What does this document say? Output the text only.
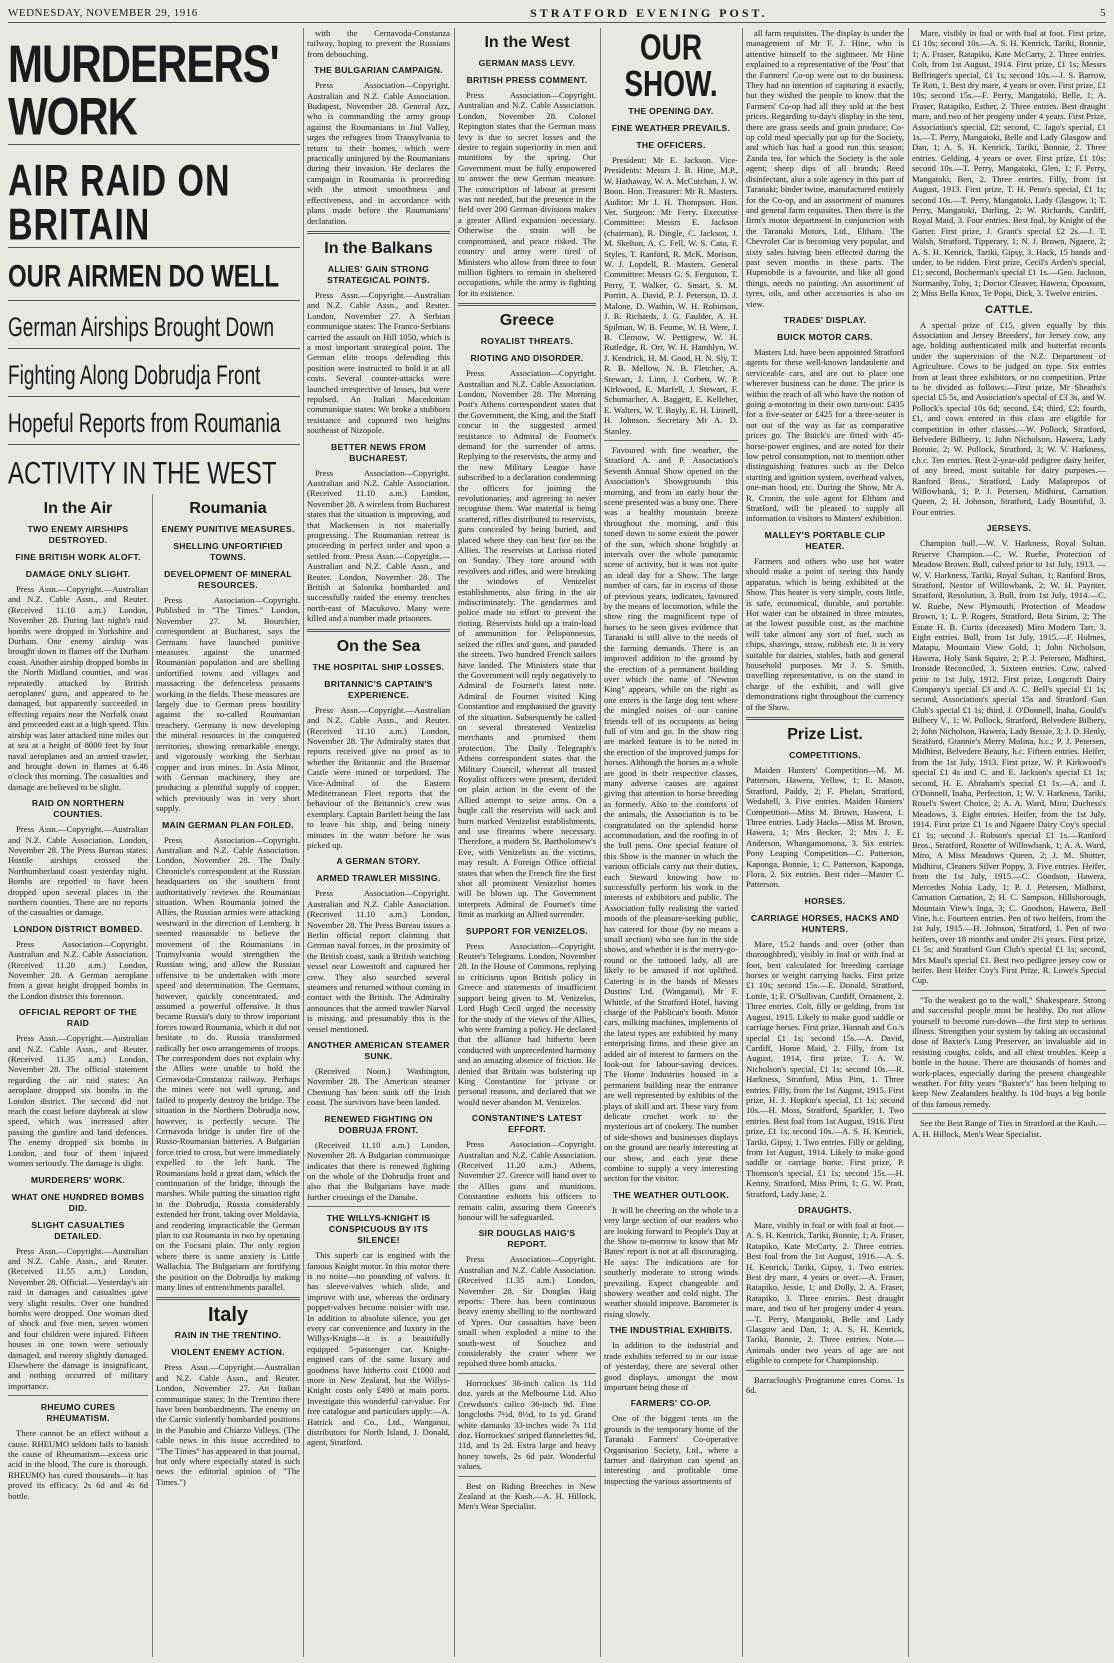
WEDNESDAY, NOVEMBER 29, 1916	STRATFORD EVENING POST.	5
MURDERERS' WORK
AIR RAID ON BRITAIN
OUR AIRMEN DO WELL
German Airships Brought Down
Fighting Along Dobrudja Front
Hopeful Reports from Roumania
ACTIVITY IN THE WEST
In the Air
TWO ENEMY AIRSHIPS DESTROYED.
FINE BRITISH WORK ALOFT.
DAMAGE ONLY SLIGHT.

Press Assn.—Copyright.—Australian and N.Z. Cable Assn., and Reuter. (Received 11.10 a.m.) London, November 28. During last night's raid bombs were dropped in Yorkshire and Durham. One enemy airship was brought down in flames off the Durham coast. Another airship dropped bombs in the North Midland counties, and was repeatedly attacked by British aeroplanes' guns, and appeared to be damaged, but apparently succeeded in effecting repairs near the Norfolk coast and proceeded east at a high speed. This airship was later attacked nine miles out at sea at a height of 8000 feet by four naval aeroplanes and an armed trawler, and brought down in flames at 6.46 o'clock this morning. The casualties and damage are believed to be slight.

RAID ON NORTHERN COUNTIES.

Press Assn.—Copyright.—Australian and N.Z. Cable Association. London, November 28. The Press Bureau states: Hostile airships crossed the Northumberland coast yesterday night. Bombs are reported to have been dropped upon several places in the northern counties. There are no reports of the casualties or damage.

LONDON DISTRICT BOMBED.

Press Association—Copyright. Australian and N.Z. Cable Association. (Received 11.20 a.m.) London, November 28. A German aeroplane from a great height dropped bombs in the London district this forenoon.

OFFICIAL REPORT OF THE RAID

Press Assn.—Copyright.—Australian and N.Z. Cable Assn., and Reuter. (Received 11.35 a.m.) London, November 28. The official statement regarding the air raid states: An aeroplane dropped six bombs in the London district. The second did not reach the coast before daybreak at slow speed, which was increased after passing the gunfire and land defences. The enemy dropped six bombs in London, and four of them injured women seriously. The damage is slight.

MURDERERS' WORK.
WHAT ONE HUNDRED BOMBS DID.
SLIGHT CASUALTIES DETAILED.

Press Assn.—Copyright.—Australian and N.Z. Cable Assn., and Reuter. (Received 11.55 a.m.) London, November 28. Official.—Yesterday's air raid in damages and casualties gave very slight results. Over one hundred bombs were dropped. One woman died of shock and five men, seven women and four children were injured. Fifteen houses in one town were seriously damaged, and twenty slightly damaged. Elsewhere the damage is insignificant, and nothing occurred of military importance.

RHEUMO CURES RHEUMATISM.

There cannot be an effect without a cause. RHEUMO seldom fails to banish the cause of Rheumatism—excess uric acid in the blood. The cure is thorough. RHEUMO has cured thousands—it has proved its efficacy. 2s 6d and 4s 6d bottle.

Roumania
ENEMY PUNITIVE MEASURES.
SHELLING UNFORTIFIED TOWNS.
DEVELOPMENT OF MINERAL RESOURCES.

Press Association—Copyright. Published in "The Times." London, November 27. M. Bourchier, correspondent at Bucharest, says the Germans have launched punitive measures against the unarmed Roumanian population and are shelling unfortified towns and villages and massacring the defenceless peasants working in the fields. These measures are largely due to German press hostility against the so-called Roumanian treachery. Germany is now developing the mineral resources in the conquered territories, showing remarkable energy, and vigorously working the Serbian copper and iron mines. In Asia Minor, with German machinery, they are producing a plentiful supply of copper, which previously was in very short supply.

MAIN GERMAN PLAN FOILED.

Press Association—Copyright. Australian and N.Z. Cable Association. London, November 28. The Daily Chronicle's correspondent at the Russian headquarters on the southern front authoritatively reviews the Roumanian situation. When Roumania joined the Allies, the Russian armies were attacking westward in the direction of Lemberg. It seemed reasonable to believe the movement of the Roumanians in Transylvania would strengthen the Russian wing, and allow the Russian offensive to be undertaken with more speed and determination. The Germans, however, quickly concentrated, and assumed a powerful offensive. It thus became Russia's duty to throw important forces toward Roumania, which it did not hesitate to do. Russia transformed radically her own arrangements of troops. The correspondent does not explain why the Allies were unable to hold the Cernavoda-Constanza railway. Perhaps the mines were not well sprung, and failed to properly destroy the bridge. The situation in the Northern Dobrudja now, however, is perfectly secure. The Cernavoda bridge is under fire of the Russo-Roumanian batteries. A Bulgarian force tried to cross, but were immediately expelled to the left bank. The Roumanians hold a great dam, which the continuation of the bridge, through the marshes. While putting the situation right in the Dobrudja, Russia considerably extended her front, taking over Moldavia, and rendering impracticable the German plan to cut Roumania in two by operating on the Focsani plain. The only region where there is some anxiety is Little Wallachia. The Bulgarians are fortifying the position on the Dobrudja by making many lines of entrenchments parallel.

Italy
RAIN IN THE TRENTINO.
VIOLENT ENEMY ACTION.

Press Assn.—Copyright.—Australian and N.Z. Cable Assn., and Reuter. London, November 27. An Italian communique states: In the Trentino there have been bombardments. The enemy on the Carnic violently bombarded positions in the Pasubio and Chiarzo Valleys. (The cable news in this issue accredited to "The Times" has appeared in that journal, but only where especially stated is such news the editorial opinion of "The Times.")

with the Cernavoda-Constanza railway, hoping to prevent the Russians from debouching.

THE BULGARIAN CAMPAIGN.

Press Association—Copyright. Australian and N.Z. Cable Association. Budapest, November 28. General Arz, who is commanding the army group against the Roumanians in Jiul Valley, urges the refugees from Transylvania to return to their homes, which were practically uninjured by the Roumanians during their invasion. He declares the campaign in Roumania is proceeding with the utmost smoothness and effectiveness, and in accordance with plans made before the Roumanians' declaration.

In the Balkans
ALLIES' GAIN STRONG STRATEGICAL POINTS.

Press Assn.—Copyright.—Australian and N.Z. Cable Assn., and Reuter. London, November 27. A Serbian communique states: The Franco-Serbians carried the assault on Hill 1050, which is a most important strategical point. The German elite troops defending this position were instructed to hold it at all costs. Several counter-attacks were launched irrespective of losses, but were repulsed. An Italian Macedonian communique states: We broke a stubborn resistance and captured two heights southeast of Nizopole.

BETTER NEWS FROM BUCHAREST.

Press Association—Copyright. Australian and N.Z. Cable Association. (Received 11.10 a.m.) London, November 28. A wireless from Bucharest states that the situation is improving, and that Mackensen is not materially progressing. The Roumanian retreat is proceeding in perfect order and upon a settled front. Press Assn.—Copyright.—Australian and N.Z. Cable Assn., and Reuter. London, November 28. The British at Salonika bombarded and successfully raided the enemy trenches north-east of Macukovo. Many were killed and a number made prisoners.

On the Sea
THE HOSPITAL SHIP LOSSES.
BRITANNIC'S CAPTAIN'S EXPERIENCE.

Press Assn.—Copyright.—Australian and N.Z. Cable Assn., and Reuter. (Received 11.10 a.m.) London, November 28. The Admiralty states that reports received give no proof as to whether the Britannic and the Braemar Castle were mined or torpedoed. The Vice-Admiral of the Eastern Mediterranean Fleet reports that the behaviour of the Britannic's crew was exemplary. Captain Bartlett being the last to leave his ship, and being ninety minutes in the water before he was picked up.

A GERMAN STORY.
ARMED TRAWLER MISSING.

Press Association—Copyright. Australian and N.Z. Cable Association. (Received 11.10 a.m.) London, November 28. The Press Bureau issues a Berlin official report claiming that German naval forces, in the proximity of the British coast, sank a British watching vessel near Lowestoft and captured her crew. They also searched several steamers and returned without coming in contact with the British. The Admiralty announces that the armed trawler Narval is missing, and presumably this is the vessel mentioned.

ANOTHER AMERICAN STEAMER SUNK.

(Received Noon.) Washington, November 28. The American steamer Chemung has been sunk off the Irish coast. The survivors have been landed.

RENEWED FIGHTING ON DOBRUJA FRONT.

(Received 11.10 a.m.) London, November 28. A Bulgarian communique indicates that there is renewed fighting on the whole of the Dobrudja front and also that the Bulgarians have made further crossings of the Danube.

THE WILLYS-KNIGHT IS CONSPICUOUS BY ITS SILENCE!

This superb car is engined with the famous Knight motor. In this motor there is no noise—no pounding of valves. It has sleeve-valves which slide, and improve with use, whereas the ordinary poppet-valves become noisier with use. In addition to absolute silence, you get every car convenience and luxury in the Willys-Knight—it is a beautifully equipped 5-passenger car. Knight-engined cars of the same luxury and goodness have hitherto cost £1000 and more in New Zealand, but the Willys-Knight costs only £490 at main ports. Investigate this wonderful car-value. For free catalogue and particulars apply:—A. Hatrick and Co., Ltd., Wanganui, distributors for North Island, J. Donald, agent, Stratford.

In the West
GERMAN MASS LEVY.
BRITISH PRESS COMMENT.

Press Association—Copyright. Australian and N.Z. Cable Association. London, November 28. Colonel Repington states that the German mass levy is due to secret losses and the desire to regain superiority in men and munitions by the spring. Our Government must be fully empowered to answer the new German measure. The conscription of labour at present was not needed, but the presence in the field over 200 German divisions makes a greater Allied expansion necessary. Otherwise the strain will be compromised, and peace risked. The country and army were tired of Ministers who allow from three to four million fighters to remain in sheltered occupations, while the army is fighting for its existence.

Greece
ROYALIST THREATS.
RIOTING AND DISORDER.

Press Association—Copyright. Australian and N.Z. Cable Association. London, November 28. The Morning Post's Athens correspondent states that the Government, the King, and the Staff concur in the suggested armed resistance to Admiral de Fournet's demand for the surrender of arms. Replying to the reservists, the army and the new Military League have subscribed to a declaration condemning the officers for joining the revolutionaries, and agreeing to never recognise them. War material is being scattered, rifles distributed to reservists, guns concealed by being buried, and placed where they can best fire on the Allies. The reservists at Larissa rioted on Sunday. They tore around with revolvers and rifles, and were breaking the windows of Venizelist establishments, also firing in the air indiscriminately. The gendarmes and police made no effort to prevent the rioting. Reservists hold up a train-load of ammunition for Peloponnesus, seized the rifles and guns, and paraded the streets. Two hundred French sailors have landed. The Ministers state that the Government will reply negatively to Admiral de Fournet's latest note. Admiral de Fournet visited King Constantine and emphasised the gravity of the situation. Subsequently he called on several threatened Venizelist merchants and promised them protection. The Daily Telegraph's Athens correspondent states that the Military Council, whereat all trusted Royalist officers were present, decided on plain action in the event of the Allied attempt to seize arms. On a bugle call the reservists will sack and burn marked Venizelist establishments, and use firearms where necessary. Therefore, a modern St. Bartholomew's Eve, with Venizelists as the victims, may result. A Foreign Office official states that when the French fire the first shot all prominent Venizelist homes will be blown up. The Government interprets Admiral de Fournet's time limit as marking an Allied surrender.

SUPPORT FOR VENIZELOS.

Press Association—Copyright. Reuter's Telegrams. London, November 28. In the House of Commons, replying to criticisms upon British policy in Greece and statements of insufficient support being given to M. Venizelos, Lord Hugh Cecil urged the necessity for the study of the views of the Allies, who were framing a policy. He declared that the alliance had hitherto been conducted with unprecedented harmony and an amazing absence of friction. He denied that Britain was bolstering up King Constantine for private or personal reasons, and declared that we would never abandon M. Venizelos.

CONSTANTINE'S LATEST EFFORT.

Press Association—Copyright. Australian and N.Z. Cable Association. (Received 11.20 a.m.) Athens, November 27. Greece will hand over to the Allies guns and munitions. Constantine exhorts his officers to remain calm, assuring them Greece's honour will be safeguarded.

SIR DOUGLAS HAIG'S REPORT.

Press Association—Copyright. Australian and N.Z. Cable Association. (Received 11.35 a.m.) London, November 28. Sir Douglas Haig reports: There has been continuous heavy enemy shelling to the northward of Ypres. Our casualties have been small when exploded a mine to the south-west of Souchez and considerably the crater where we repulsed three bomb attacks.

Horrockses' 36-inch calico 1s 11d doz. yards at the Melbourne Ltd. Also Crewdson's calico 36-inch 9d. Fine longcloths 7½d, 8½d, to 1s yd. Grand white damasks 33-inches wide 7s 11d doz. Horrockses' striped flannelettes 9d, 11d, and 1s 2d. Extra large and heavy honey towels, 2s 6d pair. Wonderful values.

Best on Riding Breeches in New Zealand at the Kash.—A. H. Hillock, Men's Wear Specialist.

OUR SHOW.
THE OPENING DAY.
FINE WEATHER PREVAILS.
THE OFFICERS.

President: Mr E. Jackson. Vice-Presidents: Messrs J. B. Hine, M.P., W. Hathaway, W. A. McCutchan, J. W. Boon. Hon. Treasurer: Mr R. Masters. Auditor: Mr J. H. Thompson. Hon. Vet. Surgeon: Mr Ferry. Executive Committee: Messrs E. Jackson (chairman), R. Dingle, C. Jackson, J. M. Skelton, A. C. Fell, W. S. Cato, F. Styles, T. Ranford, R. McK. Morison, W. J. Lopdell, R. Masters. General Committee: Messrs G. S. Ferguson, T. Perry, T. Walker, G. Smart, S. M. Porritt, A. David, P. J. Peterson, D. J. Malone, D. Wathin, W. H. Robinson, J. R. Richards, J. G. Faulder, A. H. Spilman, W. B. Feume, W. H. Were, J. B. Clemow, W. Pettigrew, W. H. Rutledge, R. Orr, W. H. Hamblyn, W. J. Kendrick, H. M. Good, H. N. Sly, T. R. B. Mellow, N. B. Fletcher, A. Stewart, J. Linn, J. Corbett, W. P. Kirkwood, E. Marfell, J. Stewart, F. Schumacher, A. Baggett, E. Kelleher, E. Walters, W. T. Bayly, E. H. Linnell, H. Johnson. Secretary Mr A. D. Stanley.

Favoured with fine weather, the Stratford A. and P. Association's Seventh Annual Show opened on the Association's Showgrounds this morning, and from an early hour the scene presented was a busy one. There was a healthy mountain breeze throughout the morning, and this toned down to some extent the power of the sun, which shone brightly at intervals over the whole panoramic scene of activity, but it was not quite an ideal day for a Show. The large number of cars, far in excess of those of previous years, indicates, favoured by the means of locomotion, while the show ring the magnificent type of horses to be seen gives evidence that Taranaki is still alive to the needs of the farming demands. There is an improved addition to the ground by the erection of a permanent building over which the name of "Newton King" appears, while on the right as one enters is the large dog tent where the mingled noises of our canine friends tell of its occupants as being full of vim and go. In the show ring are marked feature is to be noted in the erection of the improved jumps for horses. Although the horses as a whole are good in their respective classes, many adverse causes are against giving that attention to horse breeding as formerly. Also to the comforts of the animals, the Association is to be congratulated on the splendid horse accommodation, and the roofing in of the bull pens. One special feature of this Show is the manner in which the various officials carry out their duties, each Steward knowing how to successfully perform his work in the interests of exhibitors and public. The Association fully realising the varied moods of the pleasure-seeking public, has catered for those (by no means a small section) who see fun in the side shows, and whether it is the merry-go-round or the tattooed lady, all are likely to be amused if not uplifted. Catering is in the hands of Messrs Dustins' Ltd. (Wanganui), Mr F. Whittle, of the Stratford Hotel, having charge of the Publican's booth. Motor cars, milking machines, implements of the latest types are exhibited by many enterprising firms, and these give an added air of interest to farmers on the look-out for labour-saving devices. The Home Industries housed in a permanent building near the entrance are well represented by exhibits of the plays of skill and art. These vary from delicate crochet work to the mysterious art of cookery. The number of side-shows and businesses displays on the ground are nearly interesting at our show, and each year these combine to supply a very interesting section for the visitor.

THE WEATHER OUTLOOK.

It will be cheering on the whole to a very large section of our readers who are looking forward to People's Day at the Show to-morrow to know that Mr Bates' report is not at all discouraging. He says: The indications are for southerly moderate to strong winds prevailing. Expect changeable and showery weather and cold night. The weather should improve. Barometer is rising slowly.

THE INDUSTRIAL EXHIBITS.

In addition to the industrial and trade exhibits referred to in our issue of yesterday, there are several other good displays, amongst the most important being those of

FARMERS' CO-OP.

One of the biggest tents on the grounds is the temporary home of the Taranaki Farmers' Co-operative Organisation Society, Ltd., where a farmer and dairyman can spend an interesting and profitable time inspecting the various assortments of

all farm requisites. The display is under the management of Mr F. J. Hine, who is attentive himself to the sightseer. Mr Hine explained to a representative of the 'Post' that the Farmers' Co-op were out to do business. They had no intention of capturing it exactly, but they wished the people to know that the Farmers' Co-op had all they sold at the best prices. Regarding to-day's display in the tent, there are grass seeds and grain produce; Co-op cold meal specially put up for the Society, and which has had a good run this season; Zanda tea, for which the Society is the sole agent; sheep dips of all brands; Reed disinfectant, also a sole agency in this part of Taranaki; binder twine, manufactured entirely for the Co-op, and an assortment of manures and general farm requisites. Then there is the firm's motor department in conjunction with the Taranaki Motors, Ltd., Eltham. The Chevrolet Car is becoming very popular, and sixty sales having been effected during the past seven months in these parts. The Hupmobile is a favourite, and like all good things, needs no painting. An assortment of tyres, oils, and other accessories is also on view.

TRADES' DISPLAY.
BUICK MOTOR CARS.

Masters Ltd. have been appointed Stratford agents for these well-known landaulette and serviceable cars, and are out to place one wherever business can be done. The price is within the reach of all who have the notion of going a-motoring in their own turn-out: £435 for a five-seater or £425 for a three-seater is not out of the way as far as comparative prices go. The Buick's are fitted with 45-horse-power engines, and are noted for their low petrol consumption, not to mention other distinguishing features such as the Delco starting and ignition system, overhead valves, one-man hood, etc. During the Show, Mr A. R. Cronin, the sole agent for Eltham and Stratford, will be pleased to supply all information to visitors to Masters' exhibition.

MALLEY'S PORTABLE CLIP HEATER.

Farmers and others who use hot water should make a point of seeing this handy apparatus, which is being exhibited at the Show. This heater is very simple, costs little, is safe, economical, durable, and portable. Hot water can be obtained in three minutes, at the lowest possible cost, as the machine will take almost any sort of fuel, such as chips, shavings, straw, rubbish etc. It is very suitable for dairies, stables, bath and general household purposes. Mr J. S. Smith, travelling representative, is on the stand in charge of the exhibit, and will give demonstrations right throughout the currency of the Show.

Prize List.
COMPETITIONS.

Maiden Hunters' Competition—M. M. Patterson, Hawera, Yellow, 1; E. Mason, Stratford, Paddy, 2; F. Phelan, Stratford, Wedahell, 3. Five entries. Maiden Hunters' Competition—Miss M. Brown, Hawera, 1. Three entries. Lady Hacks—Miss M. Brown, Hawera, 1; Mrs Becker, 2; Mrs J. E. Anderson, Whangamomona, 3. Six entries. Pony Leaping Competition—C. Patterson, Kaponga, Bonnie, 1; C. Patterson, Kaponga, Flora, 2. Six entries. Best rider—Master C. Patterson.

HORSES.
CARRIAGE HORSES, HACKS AND HUNTERS.

Mare, 15.2 hands and over (other than thoroughbred), visibly in foal or with foal at foot, best calculated for breeding carriage horses or weight carrying hacks. First prize £1 10s; second 15s.—E. Donald, Stratford, Lottie, 1; E. O'Sullivan, Cardiff, Ornament, 2. Three entries. Colt, filly or gelding, from 1st August, 1915. Likely to make good saddle or carriage horses. First prize, Hannah and Co.'s special £1 1s; second 15s.—A. David, Cardiff, Home Maid, 2. Filly, from 1st August, 1914, first prize, T. A. W. Nicholson's special, £1 1s; second 10s.—R. Harkness, Stratford, Miss Pim, 1. Three entries. Filly, from the 1st August, 1915. First prize, H. J. Hopkin's special, £1 1s; second 10s.—H. Moss, Stratford, Sparkler, 1. Two entries. Best foal from 1st August, 1916. First prize, £1 1s; second 10s.—A. S. H. Kenrick, Tariki, Gipsy, 1. Two entries. Filly or gelding, from 1st August, 1914. Likely to make good saddle or carriage horse. First prize, P. Thomson's special, £1 1s; second 15s.—H. Kenny, Stratford, Miss Prim, 1; G. W. Pratt, Stratford, Lady Jane, 2.

DRAUGHTS.

Mare, visibly in foal or with foal at foot.—A. S. H. Kenrick, Tariki, Bonnie, 1; A. Fraser, Ratapiko, Kate McCarty, 2. Three entries. Best foal from the 1st August, 1916.—A. S. H. Kenrick, Tariki, Gipsy, 1. Two entries. Best dry mare, 4 years or over.—A. Fraser, Ratapiko, Jessie, 1; and Dolly, 2. A. Fraser, Ratapiko, 3. Three entries. Best draught mare, and two of her progeny under 4 years.—T. Perry, Mangatoki, Belle and Lady Glasgow and Dan, 1; A. S. H. Kenrick, Tariki, Bonnie, 2. Three entries. Note.—Animals under two years of age are not eligible to compete for Championship.

Barraclough's Programme cures Corns. 1s 6d.

Mare, visibly in foal or with foal at foot. First prize, £1 10s; second 10s.—A. S. H. Kenrick, Tariki, Bonnie, 1; A. Fraser, Ratapiko, Kate McCarty, 2. Three entries. Colt, from 1st August, 1914. First prize, £1 1s; Messrs Bellringer's special, £1 1s; second 10s.—J. S. Barrow, Te Roti, 1. Best dry mare, 4 years or over. First prize, £1 10s; second 15s.—F. Perry, Mangatoki, Belle, 1; A. Fraser, Ratapiko, Esther, 2. Three entries. Best draught mare, and two of her progeny under 4 years. First Prize, Association's special, £2; second, C. Jago's special, £1 1s.—T. Perry, Mangatoki, Belle and Lady Glasgow and Dan, 1; A. S. H. Kenrick, Tariki, Bonnie, 2. Three entries. Gelding, 4 years or over. First prize, £1 10s; second 10s.—T. Perry, Mangatoki, Glen, 1; F. Perry, Mangatoki, Ben, 2. Three entries. Filly, from 1st August, 1913. First prize, T. H. Penn's special, £1 1s; second 10s.—T. Perry, Mangatoki, Lady Glasgow, 1; T. Perry, Mangatoki, Darling, 2; W. Richards, Cardiff, Royal Maid, 3. Four entries. Best foal, by Knight of the Garter. First prize, J. Grant's special £2 2s.—J. T. Walsh, Stratford, Tipperary, 1; N. J. Brown, Ngaere, 2; A. S. H. Kenrick, Tariki, Gipsy, 3. Hack, 15 hands and under, to be ridden. First prize, Cecil's Arden's special, £1; second, Bocherman's special £1 1s.—Geo. Jackson, Normanby, Toby, 1; Doctor Cleaver, Hawera, Opossum, 2; Miss Bella Knox, Te Popo, Dick, 3. Twelve entries.

CATTLE.

A special prize of £15, given equally by this Association and Jersey Breeders', for Jersey cow, any age, holding authenticated milk and butterfat records under the supervision of the N.Z. Department of Agriculture. Cows to be judged on type. Six entries from at least three exhibitors, or no competition. Prize to be divided as follows:—First prize, Mr Sheaths's special £5 5s, and Association's special of £3 3s, and W. Pollock's special 10s 6d; second, £4; third, £2; fourth, £1, and cows entered in this class are eligible for competition in other classes.—W. Pollock, Stratford, Belvedere Bilberry, 1; John Nicholson, Hawera, Lady Bonnie, 2; W. Pollock, Stratford, 3; W. V. Harkness, r.h.c. Ten entries. Best 2-year-old pedigree dairy heifer, of any breed, most suitable for dairy purposes.—Ranford Bros., Stratford, Lady Malapropos of Willowbank, 1; P. J. Petersen, Midhirst, Carnation Queen, 2; H. Johnson, Stratford, Lady Bountiful, 3. Four entries.

JERSEYS.

Champion bull.—W. V. Harkness, Royal Sultan. Reserve Champion.—C. W. Ruebe, Protection of Meadow Brown. Bull, calved prior to 1st July, 1913. —W. V. Harkness, Tariki, Royal Sultan, 1; Ranford Bros, Stratford, Nestor of Willowbank, 2; W. H. Paynter, Stratford, Resolution, 3. Bull, from 1st July, 1914.—C. W. Ruebe, New Plymouth, Protection of Meadow Brown, 1; L. P. Rogers, Stratford, Beta Sirum, 2; The Estate H. B. Curtis (deceased) Miro Modern Tarr, 3. Eight entries. Bull, from 1st July, 1915.—F. Holmes, Matapu, Mountain View Gold, 1; John Nicholson, Hawera, Holy Sank Squire, 2; P. J. Petersen, Midhirst, Ironside Reconciled, 3. Sixteen entries. Cow, calved prior to 1st July, 1912. First prize, Longcroft Dairy Company's special £3 and A. C. Bell's special £1 1s; second, Association's special 15s and Stratford Gun Club's special £1 1s; third, J. O'Donnell, Inaha, Gould's Bilbery V., 1; W. Pollock, Stratford, Belvedere Bilbery, 2; John Nicholson, Hawera, Lady Bessie, 3; J. D. Henly, Stratford, Grannie's Merry Molina, h.c.; P. J. Petersen, Midhirst, Belvedere Beauty, h.c. Fifteen entries. Heifer, from the 1st July, 1913. First prize, W. P. Kirkwood's special £1 4s and C. and E. Jackson's special £1 1s; second, H. E. Abraham's special £1 1s.—A. and J. O'Donnell, Inaha, Perfection, 1; W. V. Harkness, Tariki, Rosel's Sweet Choice, 2; A. A. Ward, Miro, Duchess's Meadows, 3. Eight entries. Heifer, from the 1st July, 1914. First prize £1 1s and Ngaere Dairy Coy's special £1 1s; second J. Robson's special £1 1s.—Ranford Bros., Stratford, Rosette of Willowbank, 1; A. A. Ward, Miro, A Miss Meadows Queen, 2; J. M. Shotter, Midhirst, Cleaners Silver Poppy, 3. Five entries. Heifer, from the 1st July, 1915.—C. Goodson, Hawera, Mercedes Nobia Lady, 1; P. J. Petersen, Midhirst, Carnation Carnation, 2; H. C. Sampson, Hillsborough, Mountain View's Inga, 3; C. Goodson, Hawera, Bell Vine, h.c. Fourteen entries. Pen of two heifers, from the 1st July, 1915.—H. Johnson, Stratford, 1. Pen of two heifers, over 18 months and under 2½ years. First prize, £1 5s; and Stratford Gun Club's special £1 1s; second, Mrs Maul's special £1. Best two pedigree jersey cow or heifer. Best Heifer Coy's First Prize, R. Lowe's Special Cup.

"To the weakest go to the wall," Shakespeare. Strong and successful people must be healthy. Do not allow yourself to become run-down—the first step to serious illness. Strengthen your system by taking an occasional dose of Baxter's Lung Preserver, an invaluable aid in resisting coughs, colds, and all chest troubles. Keep a bottle in the house. There are thousands of homes and work-places, especially during the present changeable weather. For fifty years "Baxter's" has been helping to keep New Zealanders healthy. Is 10d buys a big bottle of this famous remedy.

See the Best Range of Ties in Stratford at the Kash.—A. H. Hillock, Men's Wear Specialist.
